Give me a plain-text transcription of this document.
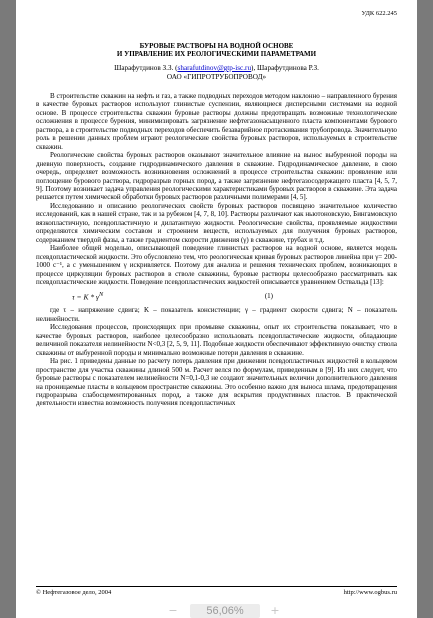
УДК 622.245
БУРОВЫЕ РАСТВОРЫ НА ВОДНОЙ ОСНОВЕ
И УПРАВЛЕНИЕ ИХ РЕОЛОГИЧЕСКИМИ ПАРАМЕТРАМИ
Шарафутдинов З.З. (sharafutdinov@gtp-isc.ru), Шарафутдинова Р.З.
ОАО «ГИПРОТРУБОПРОВОД»

В строительстве скважин на нефть и газ, а также подводных переходов методом наклонно – направленного бурения в качестве буровых растворов используют глинистые суспензии, являющиеся дисперсными системами на водной основе. В процессе строительства скважин буровые растворы должны предотвращать возможные технологические осложнения в процессе бурения, минимизировать загрязнение нефтегазонасыщенного пласта компонентами бурового раствора, а в строительстве подводных переходов обеспечить безаварийное протаскивания трубопровода. Значительную роль в решении данных проблем играют реологические свойства буровых растворов, используемых в строительстве скважин.

Реологические свойства буровых растворов оказывают значительное влияние на вынос выбуренной породы на дневную поверхность, создание гидродинамического давления в скважине. Гидродинамическое давление, в свою очередь, определяет возможность возникновения осложнений в процессе строительства скважин: проявление или поглощение бурового раствора, гидроразрыв горных пород, а также загрязнение нефтегазосодержащего пласта [4, 5, 7, 9]. Поэтому возникает задача управления реологическими характеристиками буровых растворов в скважине. Эта задача решается путем химической обработки буровых растворов различными полимерами [4, 5].

Исследованию и описанию реологических свойств буровых растворов посвящено значительное количество исследований, как в нашей стране, так и за рубежом [4, 7, 8, 10]. Растворы различают как ньютоновскую, Бингамовскую вязкопластичную, псевдопластичную и дилатантную жидкости. Реологические свойства, проявляемые жидкостями определяются химическим составом и строением веществ, используемых для получения буровых растворов, содержанием твердой фазы, а также градиентом скорости движения (γ) в скважине, трубах и т.д.

Наиболее общей моделью, описывающей поведение глинистых растворов на водной основе, является модель псевдопластической жидкости. Это обусловлено тем, что реологическая кривая буровых растворов линейна при γ= 200-1000 с⁻¹, а с уменьшением γ искривляется. Поэтому для анализа и решения технических проблем, возникающих в процессе циркуляции буровых растворов в стволе скважины, буровые растворы целесообразно рассматривать как псевдопластические жидкости. Поведение псевдопластических жидкостей описывается уравнением Оствальда [13]:

$\tau = K * \gamma^N$	(1)

где τ – напряжение сдвига; K – показатель консистенции; γ – градиент скорости сдвига; N – показатель нелинейности.

Исследования процессов, происходящих при промывке скважины, опыт их строительства показывает, что в качестве буровых растворов, наиболее целесообразно использовать псевдопластические жидкости, обладающие величиной показателя нелинейности N<0,3 [2, 5, 9, 11]. Подобные жидкости обеспечивают эффективную очистку ствола скважины от выбуренной породы и минимально возможные потери давления в скважине.

На рис. 1 приведены данные по расчету потерь давления при движении псевдопластичных жидкостей в кольцевом пространстве для участка скважины длиной 500 м. Расчет велся по формулам, приведенным в [9]. Из них следует, что буровые растворы с показателем нелинейности N=0,1-0,3 не создают значительных величин дополнительного давления на проницаемые пласты в кольцевом пространстве скважины. Это особенно важно для выноса шлама, предотвращения гидроразрыва слабосцементированных пород, а также для вскрытия продуктивных пластов. В практической деятельности известна возможность получения псевдопластичных

© Нефтегазовое дело, 2004	http://www.ogbus.ru
−	56,06%	+
